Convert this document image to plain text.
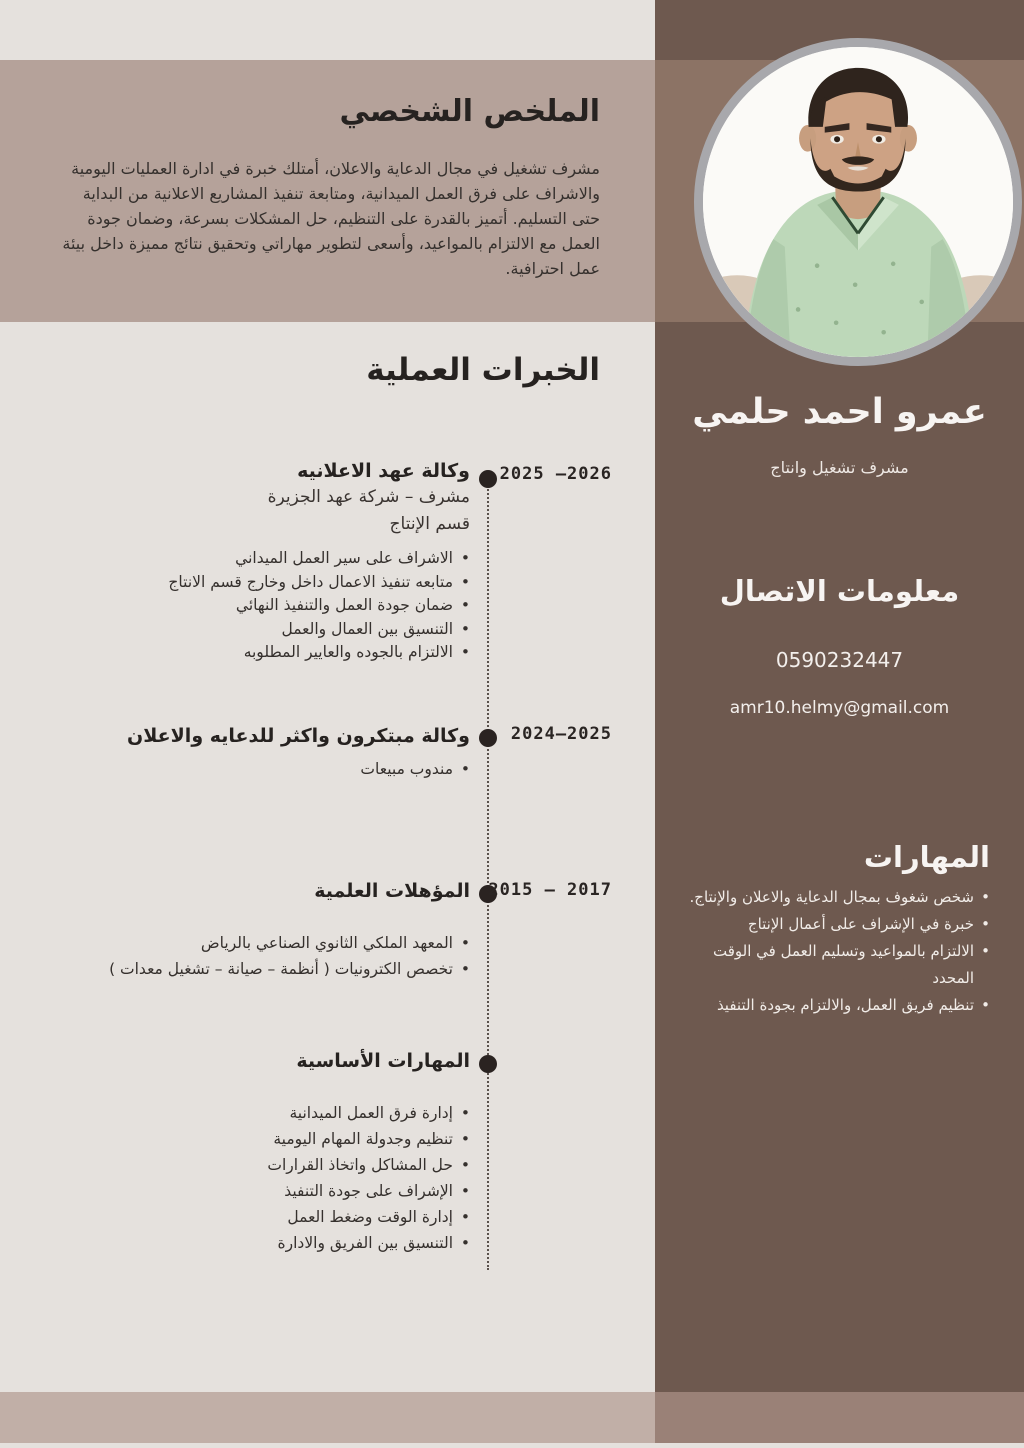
الملخص الشخصي

مشرف تشغيل في مجال الدعاية والاعلان، أمتلك خبرة في ادارة العمليات اليومية والاشراف على فرق العمل الميدانية، ومتابعة تنفيذ المشاريع الاعلانية من البداية حتى التسليم. أتميز بالقدرة على التنظيم، حل المشكلات بسرعة، وضمان جودة العمل مع الالتزام بالمواعيد، وأسعى لتطوير مهاراتي وتحقيق نتائج مميزة داخل بيئة عمل احترافية.

الخبرات العملية
2025 –2026
2024–2025
2015 – 2017
وكالة عهد الاعلانيه
مشرف – شركة عهد الجزيرة
قسم الإنتاج
• الاشراف على سير العمل الميداني
• متابعه تنفيذ الاعمال داخل وخارج قسم الانتاج
• ضمان جودة العمل والتنفيذ النهائي
• التنسيق بين العمال والعمل
• الالتزام بالجوده والعايير المطلوبه
وكالة مبتكرون واكثر للدعايه والاعلان
• مندوب مبيعات
المؤهلات العلمية
• المعهد الملكي الثانوي الصناعي بالرياض
• تخصص الكترونيات ( أنظمة – صيانة – تشغيل معدات )
المهارات الأساسية
• إدارة فرق العمل الميدانية
• تنظيم وجدولة المهام اليومية
• حل المشاكل واتخاذ القرارات
• الإشراف على جودة التنفيذ
• إدارة الوقت وضغط العمل
• التنسيق بين الفريق والادارة
عمرو احمد حلمي
مشرف تشغيل وانتاج
معلومات الاتصال
0590232447
amr10.helmy@gmail.com
المهارات
• شخص شغوف بمجال الدعاية والاعلان والإنتاج.
• خبرة في الإشراف على أعمال الإنتاج
• الالتزام بالمواعيد وتسليم العمل في الوقت المحدد
• تنظيم فريق العمل، والالتزام بجودة التنفيذ
